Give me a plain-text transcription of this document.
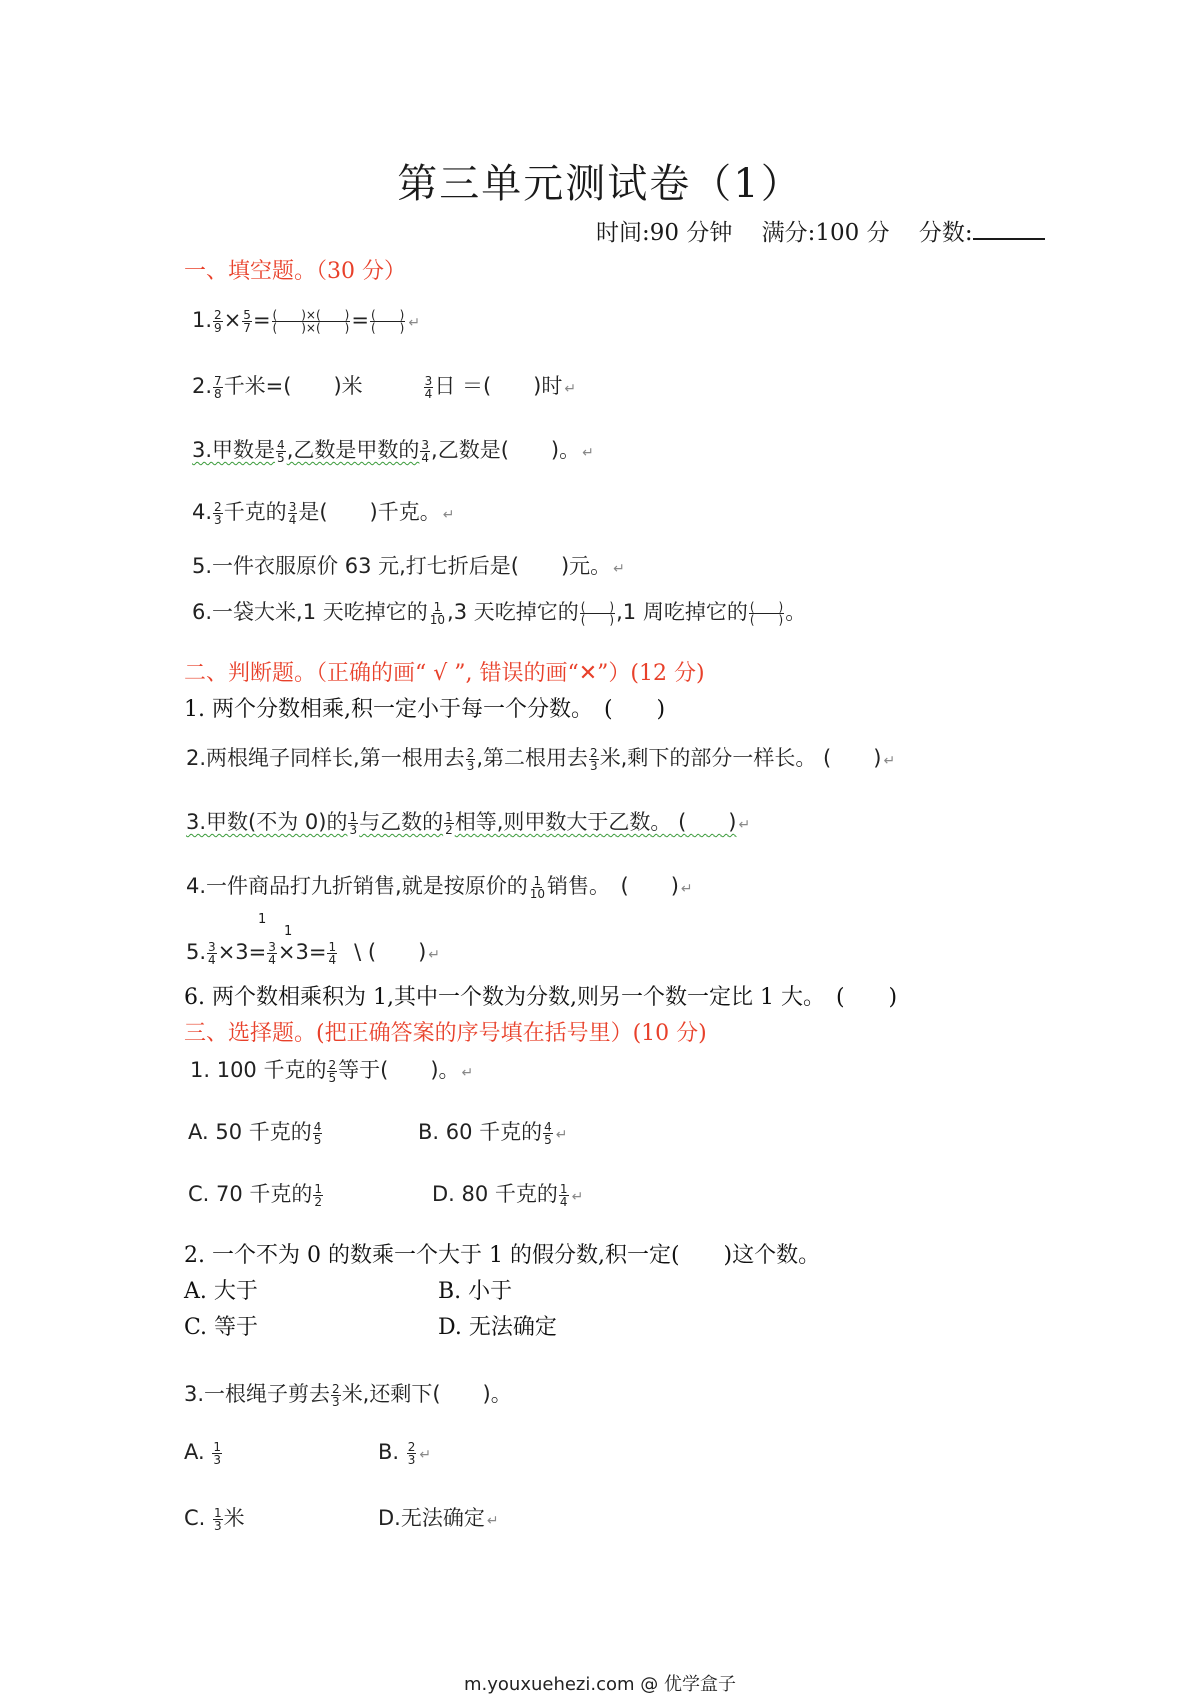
第三单元测试卷（1）
时间:90 分钟 满分:100 分 分数:
一、填空题。（30 分）
1. $\frac{2}{9} \times \frac{5}{7} = \frac{( )\times( )}{( )\times( )} = \frac{( )}{( )}$ ↵
2. $\frac{7}{8}$ 千米=(　　)米	$\frac{3}{4}$ 日 ＝(　　)时 ↵
3.甲数是 $\frac{4}{5}$ ,乙数是甲数的 $\frac{3}{4}$ ,乙数是(　　)。 ↵
4. $\frac{2}{3}$ 千克的 $\frac{3}{4}$ 是(　　)千克。 ↵
5.一件衣服原价 63 元,打七折后是(　　)元。 ↵
6.一袋大米,1 天吃掉它的 $\frac{1}{10} ,3$ 天吃掉它的 $\frac{( )}{( )} ,1$ 周吃掉它的 $\frac{( )}{( )}$ 。
二、判断题。（正确的画“ √ ”, 错误的画“✕”）(12 分)
1. 两个分数相乘,积一定小于每一个分数。　(　　)
2.两根绳子同样长,第一根用去 $\frac{2}{3}$ ,第二根用去 $\frac{2}{3}$ 米,剩下的部分一样长。 (　　) ↵
3.甲数(不为 0)的 $\frac{1}{3}$ 与乙数的 $\frac{1}{2}$ 相等,则甲数大于乙数。 (　　) ↵
4.一件商品打九折销售,就是按原价的 $\frac{1}{10}$ 销售。　(　　) ↵
1
1
5. $\frac{3}{4} \times 3= \frac{3}{4} \times 3= \frac{1}{4}$ \ (　　) ↵
6. 两个数相乘积为 1,其中一个数为分数,则另一个数一定比 1 大。　(　　)
三、选择题。(把正确答案的序号填在括号里）(10 分)
1. 100 千克的 $\frac{2}{5}$ 等于(　　)。 ↵
A. 50 千克的 $\frac{4}{5}$	B. 60 千克的 $\frac{4}{5}$ ↵
C. 70 千克的 $\frac{1}{2}$	D. 80 千克的 $\frac{1}{4}$ ↵
2. 一个不为 0 的数乘一个大于 1 的假分数,积一定(　　)这个数。
A. 大于	B. 小于
C. 等于	D. 无法确定
3.一根绳子剪去 $\frac{2}{3}$ 米,还剩下(　　)。
A. $\frac{1}{3}$	B. $\frac{2}{3}$ ↵
C. $\frac{1}{3}$ 米	D.无法确定 ↵
m.youxuehezi.com @ 优学盒子
